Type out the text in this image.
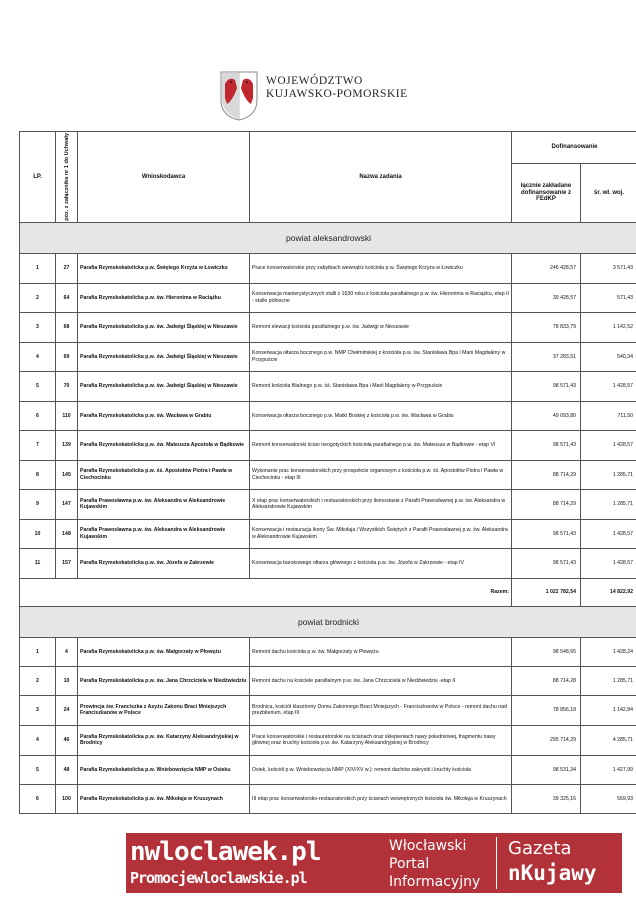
WOJEWÓDZTWO
KUJAWSKO-POMORSKIE
LP.	poz. z załącznika nr 1 do Uchwały	Wnioskodawca	Nazwa zadania	Dofinansowanie	
				łącznie zakładane dofinansowanie z FEdKP	śr. wł. woj.
powiat aleksandrowski					
1	27	Parafia Rzymskokatolicka p.w. Świętego Krzyża w Łowiczku	Prace konserwatorskie przy zabytkach wewnątrz kościoła p.w. Świętego Krzyża w Łowiczku	246 428,57	3 571,43
2	64	Parafia Rzymskokatolicka p.w. św. Hieronima w Raciążku	Konserwacja manierystycznych stalli z 1630 roku z kościoła parafialnego p.w. św. Hieronima w Raciążku, etap II - stalle północne	39 428,57	571,43
3	68	Parafia Rzymskokatolicka p.w. św. Jadwigi Śląskiej w Nieszawie	Remont elewacji kościoła parafialnego p.w. św. Jadwigi w Nieszawie	78 833,79	1 142,52
4	69	Parafia Rzymskokatolicka p.w. św. Jadwigi Śląskiej w Nieszawie	Konserwacja ołtarza bocznego p.w. NMP Chełmińskiej z kościoła p.w. św. Stanisława Bpa i Marii Magdaleny w Przypuście	37 283,51	540,34
5	70	Parafia Rzymskokatolicka p.w. św. Jadwigi Śląskiej w Nieszawie	Remont kościoła filialnego p.w. śś. Stanisława Bpa i Marii Magdaleny w Przypuście	98 571,43	1 428,57
6	110	Parafia Rzymskokatolicka p.w. św. Wacława w Grabiu	Konserwacja ołtarza bocznego p.w. Matki Boskiej z kościoła p.w. św. Wacława w Grabiu	49 093,80	711,50
7	139	Parafia Rzymskokatolicka p.w. św. Mateusza Apostoła w Bądkowie	Remont konserwatorski ścian neogotyckich kościoła parafialnego p.w. św. Mateusza w Bądkowie - etap VI	98 571,43	1 428,57
8	145	Parafia Rzymskokatolicka p.w. śś. Apostołów Piotra i Pawła w Ciechocinku	Wykonanie prac konserwatorskich przy prospekcie organowym z kościoła p.w. śś. Apostołów Piotra i Pawła w Ciechocinku - etap III	88 714,29	1 285,71
9	147	Parafia Prawosławna p.w. św. Aleksandra w Aleksandrowie Kujawskim	X etap prac konserwatorskich i restauratorskich przy ikonostasie z Parafii Prawosławnej p.w. św. Aleksandra w Aleksandrowie Kujawskim	88 714,29	1 285,71
10	148	Parafia Prawosławna p.w. św. Aleksandra w Aleksandrowie Kujawskim	Konserwacja i restauracja ikony Św. Mikołaja i Wszystkich Świętych z Parafii Prawosławnej p.w. św. Aleksandra w Aleksandrowie Kujawskim	98 571,43	1 428,57
11	157	Parafia Rzymskokatolicka p.w. św. Józefa w Zakrzewie	Konserwacja barokowego ołtarza głównego z kościoła p.w. św. Józefa w Zakrzewie - etap IV	98 571,43	1 428,57
Razem:				1 022 782,54	14 822,92
powiat brodnicki					
1	4	Parafia Rzymskokatolicka p.w. św. Małgorzaty w Płowężu	Remont dachu kościoła p.w. św. Małgorzaty w Płowężu	98 548,65	1 428,24
2	10	Parafia Rzymskokatolicka p.w. św. Jana Chrzciciela w Niedźwiedziu	Remont dachu na kościele parafialnym p.w. św. Jana Chrzciciela w Niedźwiedziu -etap II	88 714,28	1 285,71
3	24	Prowincja św. Franciszka z Asyżu Zakonu Braci Mniejszych Franciszkanów w Polsce	Brodnica, kościół klasztorny Domu Zakonnego Braci Mniejszych - Franciszkanów w Polsce - remont dachu nad prezbiterium, etap III	78 856,18	1 142,84
4	46	Parafia Rzymskokatolicka p.w. św. Katarzyny Aleksandryjskiej w Brodnicy	Prace konserwatorskie i restauratorskie na ścianach oraz sklepieniach nawy południowej, fragmentu nawy głównej oraz kruchty kościoła p.w. św. Katarzyny Aleksandryjskiej w Brodnicy	295 714,29	4 285,71
5	48	Parafia Rzymskokatolicka p.w. Wniebowzięcia NMP w Osieku	Osiek, kościół p.w. Wniebowzięcia NMP (XIV/XV w.): remont dachów zakrystii i kruchty kościoła	98 531,34	1 427,99
6	100	Parafia Rzymskokatolicka p.w. św. Mikołaja w Kruszynach	III etap prac konserwatorsko-restauratorskich przy ścianach wewnętrznych kościoła św. Mikołaja w Kruszynach	39 325,16	569,93
nwloclawek.pl
Promocjewloclawskie.pl
Włocławski
Portal
Informacyjny
Gazeta
nKujawy
